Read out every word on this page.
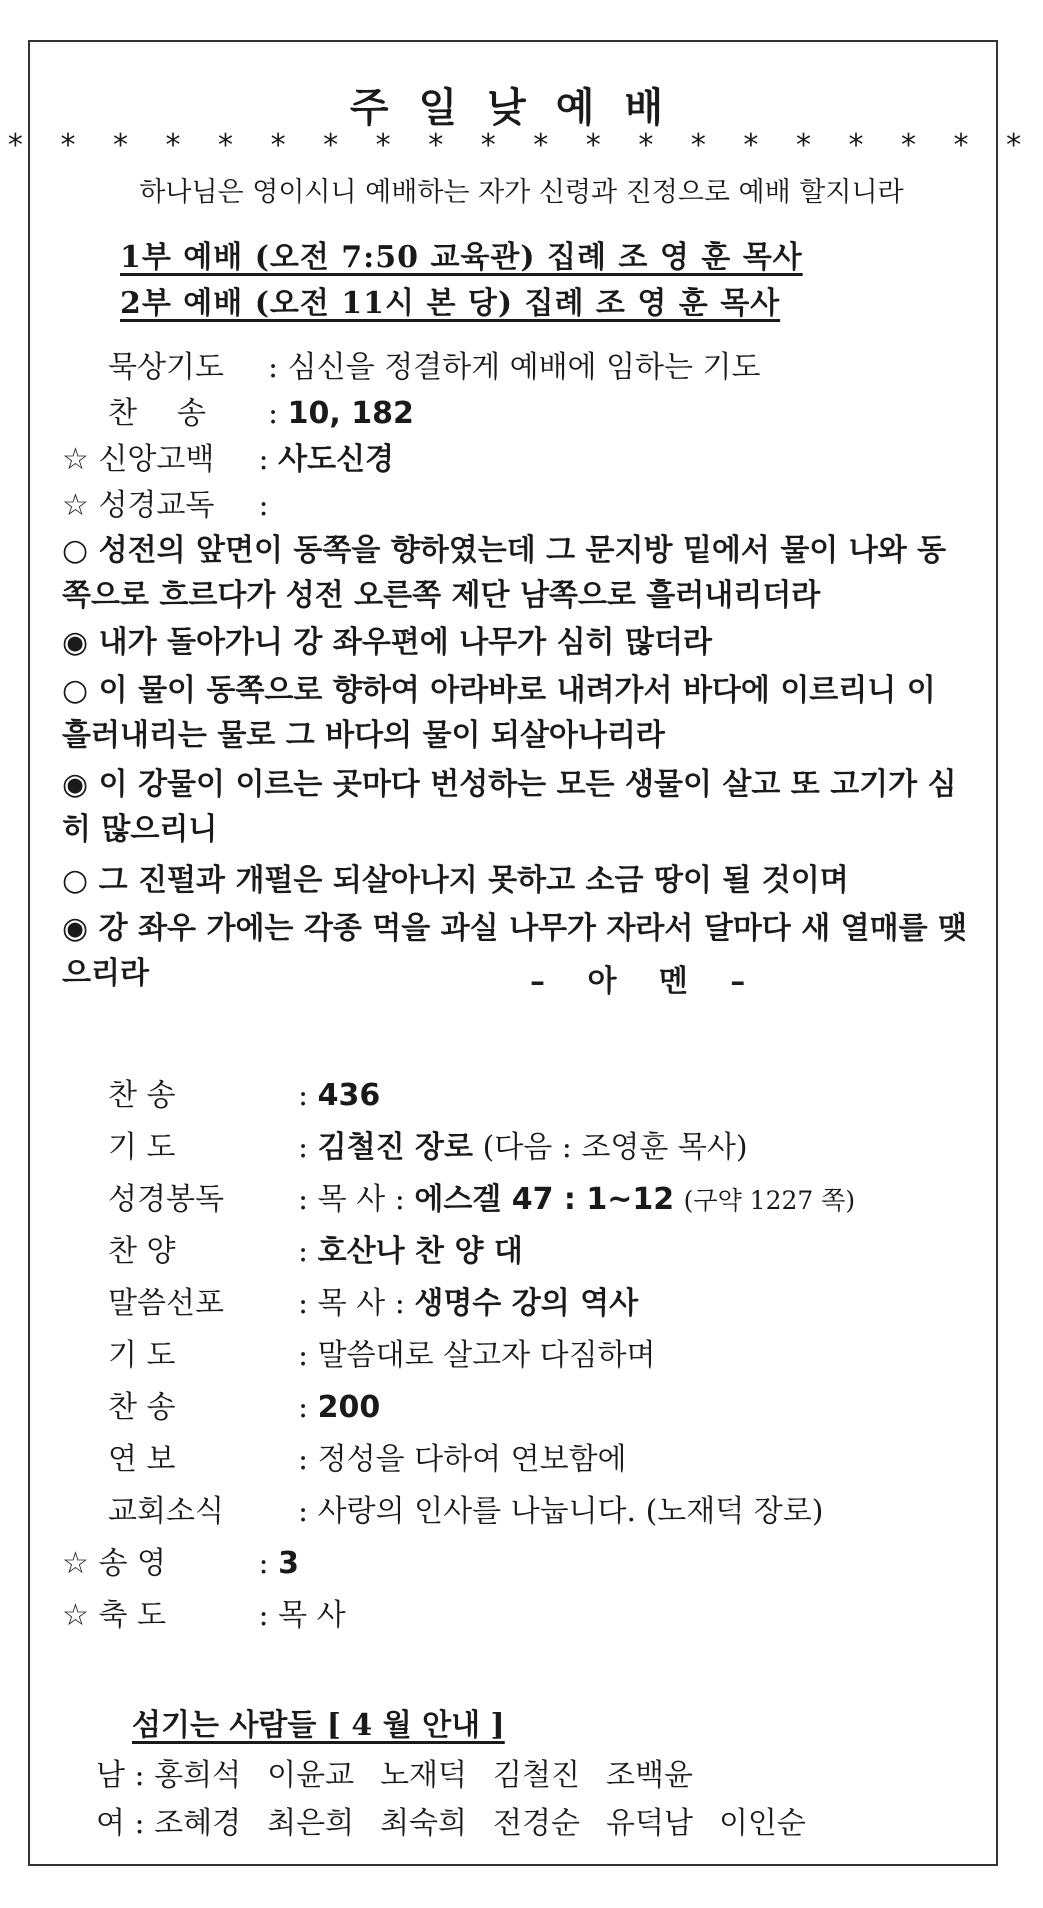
주일낮예배
* * * * * * * * * * * * * * * * * * * *
하나님은 영이시니 예배하는 자가 신령과 진정으로 예배 할지니라
1부 예배 (오전 7:50 교육관) 집례 조 영 훈 목사
2부 예배 (오전 11시 본 당) 집례 조 영 훈 목사
묵상기도 : 심신을 정결하게 예배에 임하는 기도
찬송 : 10, 182
☆ 신앙고백 : 사도신경
☆ 성경교독 :
○ 성전의 앞면이 동쪽을 향하였는데 그 문지방 밑에서 물이 나와 동쪽으로 흐르다가 성전 오른쪽 제단 남쪽으로 흘러내리더라
◉ 내가 돌아가니 강 좌우편에 나무가 심히 많더라
○ 이 물이 동쪽으로 향하여 아라바로 내려가서 바다에 이르리니 이 흘러내리는 물로 그 바다의 물이 되살아나리라
◉ 이 강물이 이르는 곳마다 번성하는 모든 생물이 살고 또 고기가 심히 많으리니
○ 그 진펄과 개펄은 되살아나지 못하고 소금 땅이 될 것이며
◉ 강 좌우 가에는 각종 먹을 과실 나무가 자라서 달마다 새 열매를 맺으리라	– 아 멘 –
찬 송	: 436
기 도	: 김철진 장로 (다음 : 조영훈 목사)
성경봉독 : 목 사 : 에스겔 47 : 1~12 (구약 1227 쪽)
찬 양	: 호산나 찬 양 대
말씀선포 : 목 사 : 생명수 강의 역사
기 도	: 말씀대로 살고자 다짐하며
찬 송	: 200
연 보	: 정성을 다하여 연보함에
교회소식 : 사랑의 인사를 나눕니다. (노재덕 장로)
☆ 송 영	: 3
☆ 축 도	: 목 사
섬기는 사람들 [ 4 월 안내 ]
남 : 홍희석 이윤교 노재덕 김철진 조백윤
여 : 조혜경 최은희 최숙희 전경순 유덕남 이인순
